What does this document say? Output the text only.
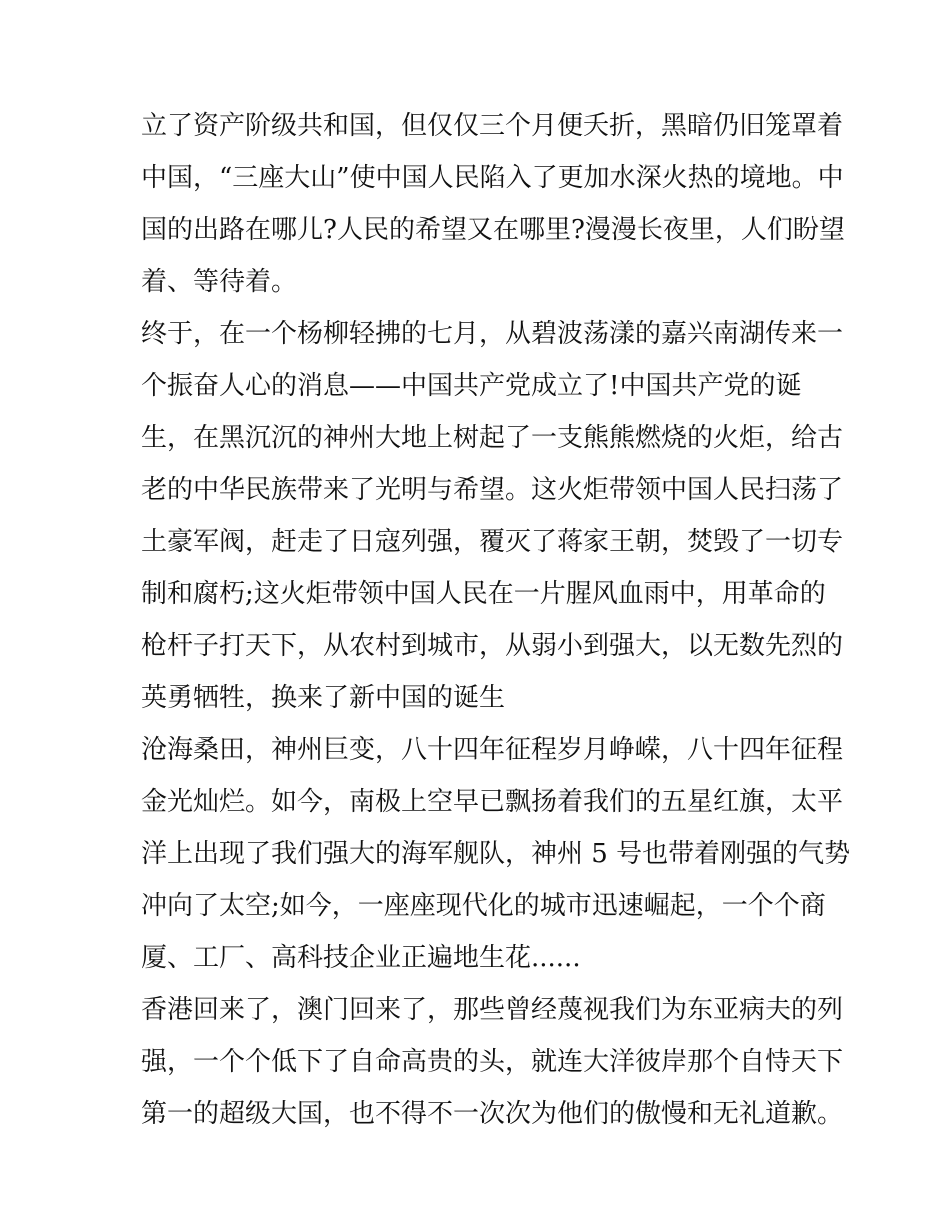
立了资产阶级共和国，但仅仅三个月便夭折，黑暗仍旧笼罩着
中国，“三座大山”使中国人民陷入了更加水深火热的境地。中
国的出路在哪儿?人民的希望又在哪里?漫漫长夜里，人们盼望
着、等待着。
终于，在一个杨柳轻拂的七月，从碧波荡漾的嘉兴南湖传来一
个振奋人心的消息——中国共产党成立了!中国共产党的诞
生，在黑沉沉的神州大地上树起了一支熊熊燃烧的火炬，给古
老的中华民族带来了光明与希望。这火炬带领中国人民扫荡了
土豪军阀，赶走了日寇列强，覆灭了蒋家王朝，焚毁了一切专
制和腐朽;这火炬带领中国人民在一片腥风血雨中，用革命的
枪杆子打天下，从农村到城市，从弱小到强大，以无数先烈的
英勇牺牲，换来了新中国的诞生
沧海桑田，神州巨变，八十四年征程岁月峥嵘，八十四年征程
金光灿烂。如今，南极上空早已飘扬着我们的五星红旗，太平
洋上出现了我们强大的海军舰队，神州 5 号也带着刚强的气势
冲向了太空;如今，一座座现代化的城市迅速崛起，一个个商
厦、工厂、高科技企业正遍地生花......
香港回来了，澳门回来了，那些曾经蔑视我们为东亚病夫的列
强，一个个低下了自命高贵的头，就连大洋彼岸那个自恃天下
第一的超级大国，也不得不一次次为他们的傲慢和无礼道歉。
